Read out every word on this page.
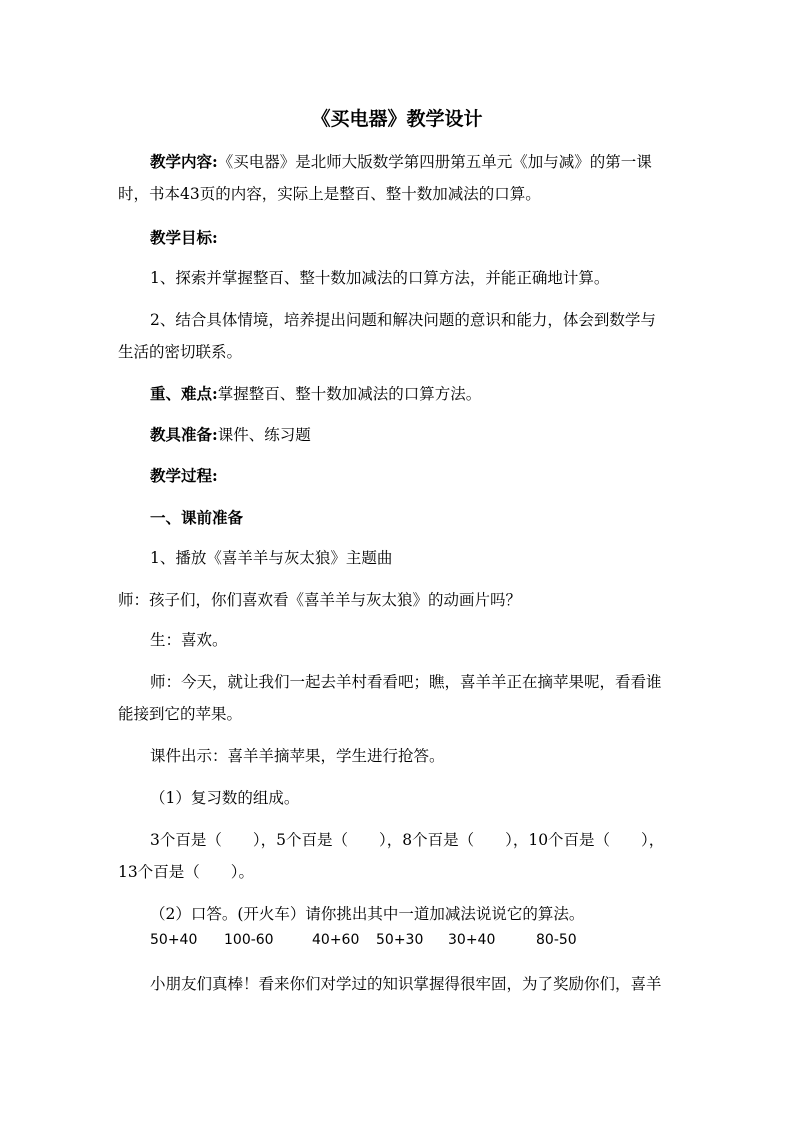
《买电器》教学设计
教学内容:《买电器》是北师大版数学第四册第五单元《加与减》的第一课
时，书本43页的内容，实际上是整百、整十数加减法的口算。
教学目标:
1、探索并掌握整百、整十数加减法的口算方法，并能正确地计算。
2、结合具体情境，培养提出问题和解决问题的意识和能力，体会到数学与
生活的密切联系。
重、难点:掌握整百、整十数加减法的口算方法。
教具准备:课件、练习题
教学过程:
一、课前准备
1、播放《喜羊羊与灰太狼》主题曲
师：孩子们，你们喜欢看《喜羊羊与灰太狼》的动画片吗？
生：喜欢。
师：今天，就让我们一起去羊村看看吧；瞧，喜羊羊正在摘苹果呢，看看谁
能接到它的苹果。
课件出示：喜羊羊摘苹果，学生进行抢答。
（1）复习数的组成。
3个百是（　　），5个百是（　　），8个百是（　　），10个百是（　　），
13个百是（　　）。
（2）口答。(开火车）请你挑出其中一道加减法说说它的算法。
50+40 100-60	40+60 50+30 30+40	80-50
小朋友们真棒！看来你们对学过的知识掌握得很牢固，为了奖励你们，喜羊
